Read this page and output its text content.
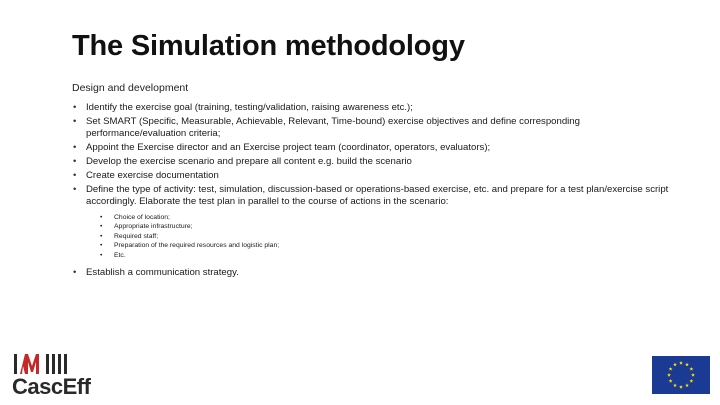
The Simulation methodology
Design and development
• Identify the exercise goal (training, testing/validation, raising awareness etc.);
• Set SMART (Specific, Measurable, Achievable, Relevant, Time-bound) exercise objectives and define corresponding performance/evaluation criteria;
• Appoint the Exercise director and an Exercise project team (coordinator, operators, evaluators);
• Develop the exercise scenario and prepare all content e.g. build the scenario
• Create exercise documentation
• Define the type of activity: test, simulation, discussion-based or operations-based exercise, etc. and prepare for a test plan/exercise script accordingly. Elaborate the test plan in parallel to the course of actions in the scenario:
• Choice of location;
• Appropriate infrastructure;
• Required staff;
• Preparation of the required resources and logistic plan;
• Etc.
• Establish a communication strategy.
CascEff
